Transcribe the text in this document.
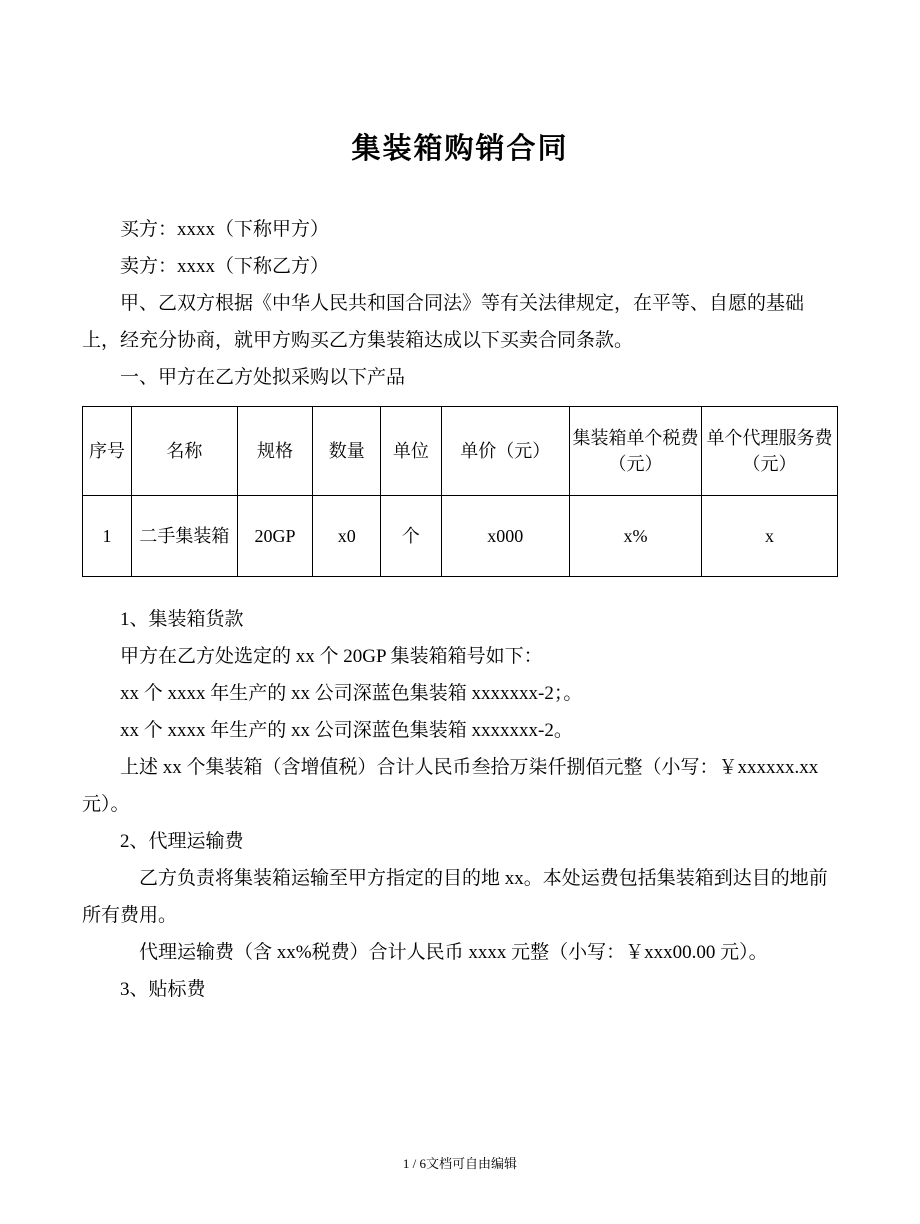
集装箱购销合同

买方：xxxx（下称甲方）

卖方：xxxx（下称乙方）

甲、乙双方根据《中华人民共和国合同法》等有关法律规定，在平等、自愿的基础上，经充分协商，就甲方购买乙方集装箱达成以下买卖合同条款。

一、甲方在乙方处拟采购以下产品

序号	名称	规格	数量	单位	单价（元）	集装箱单个税费（元）	单个代理服务费（元）
1	二手集装箱	20GP	x0	个	x000	x%	x

1、集装箱货款

甲方在乙方处选定的 xx 个 20GP 集装箱箱号如下：

xx 个 xxxx 年生产的 xx 公司深蓝色集装箱 xxxxxxx-2；。

xx 个 xxxx 年生产的 xx 公司深蓝色集装箱 xxxxxxx-2。

上述 xx 个集装箱（含增值税）合计人民币叁拾万柒仟捌佰元整（小写：￥xxxxxx.xx 元）。

2、代理运输费

乙方负责将集装箱运输至甲方指定的目的地 xx。本处运费包括集装箱到达目的地前所有费用。

代理运输费（含 xx%税费）合计人民币 xxxx 元整（小写：￥xxx00.00 元）。

3、贴标费

1 / 6文档可自由编辑
